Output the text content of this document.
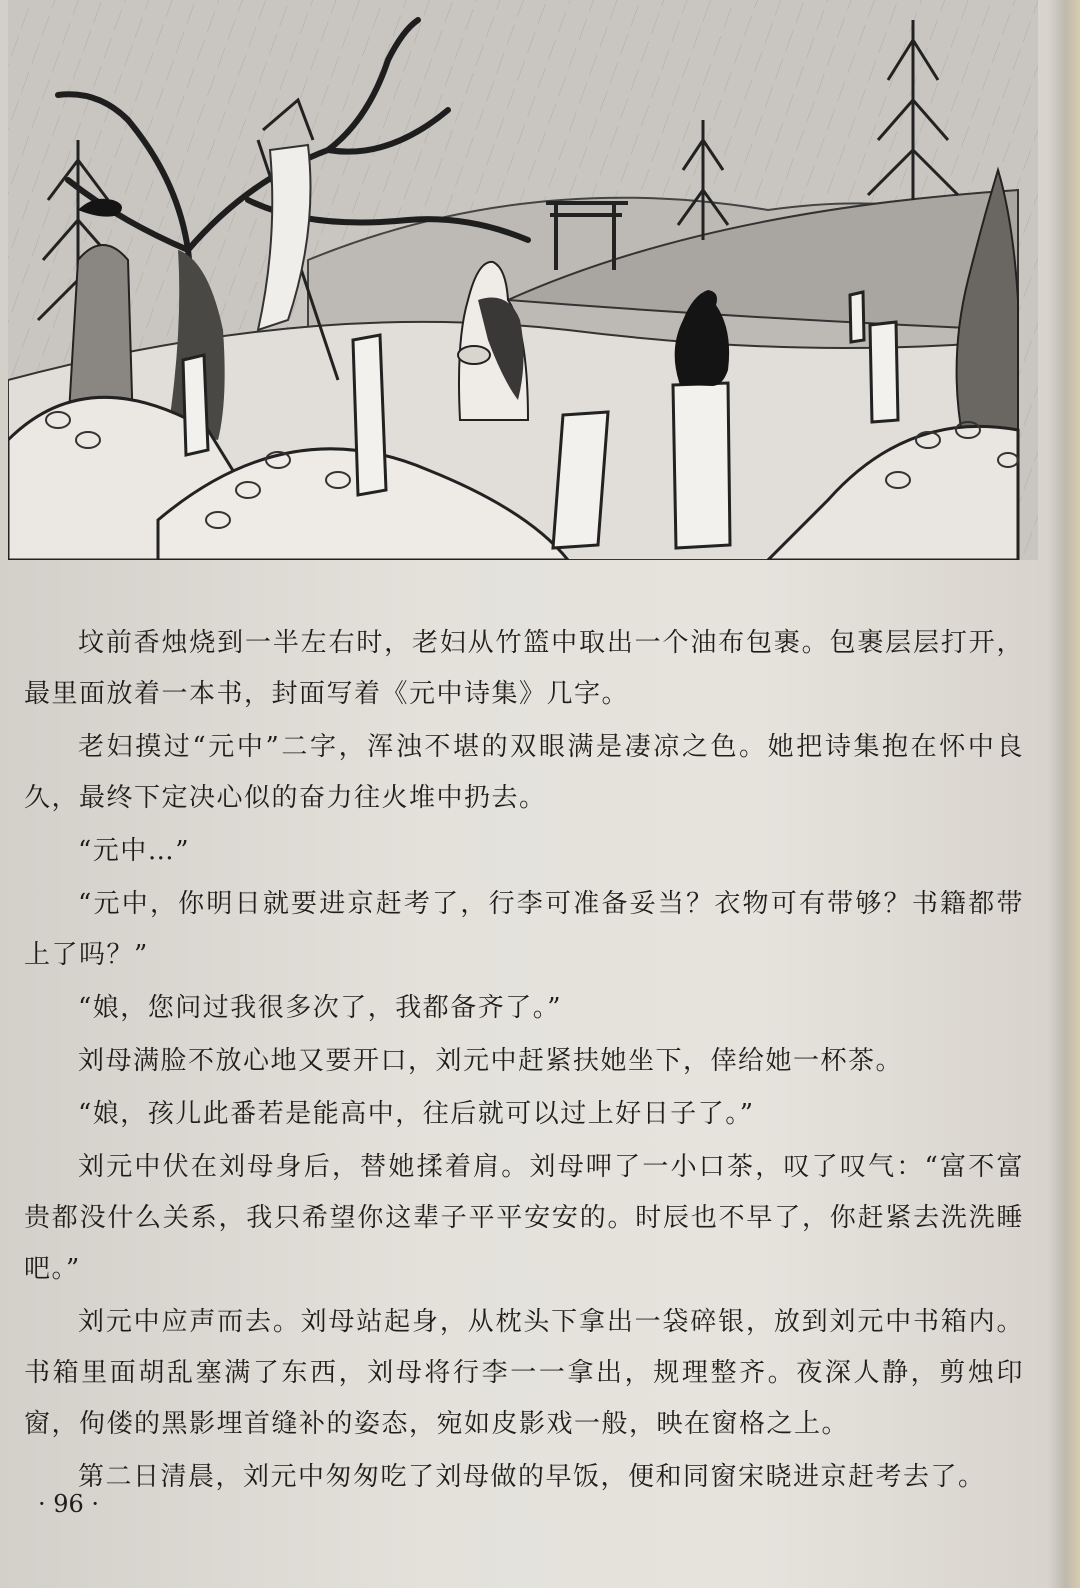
坟前香烛烧到一半左右时，老妇从竹篮中取出一个油布包裹。包裹层层打开，最里面放着一本书，封面写着《元中诗集》几字。

老妇摸过“元中”二字，浑浊不堪的双眼满是凄凉之色。她把诗集抱在怀中良久，最终下定决心似的奋力往火堆中扔去。

“元中…”

“元中，你明日就要进京赶考了，行李可准备妥当？衣物可有带够？书籍都带上了吗？”

“娘，您问过我很多次了，我都备齐了。”

刘母满脸不放心地又要开口，刘元中赶紧扶她坐下，倖给她一杯茶。

“娘，孩儿此番若是能高中，往后就可以过上好日子了。”

刘元中伏在刘母身后，替她揉着肩。刘母呷了一小口茶，叹了叹气：“富不富贵都没什么关系，我只希望你这辈子平平安安的。时辰也不早了，你赶紧去洗洗睡吧。”

刘元中应声而去。刘母站起身，从枕头下拿出一袋碎银，放到刘元中书箱内。书箱里面胡乱塞满了东西，刘母将行李一一拿出，规理整齐。夜深人静，剪烛印窗，佝偻的黑影埋首缝补的姿态，宛如皮影戏一般，映在窗格之上。

第二日清晨，刘元中匆匆吃了刘母做的早饭，便和同窗宋晓进京赶考去了。

· 96 ·
